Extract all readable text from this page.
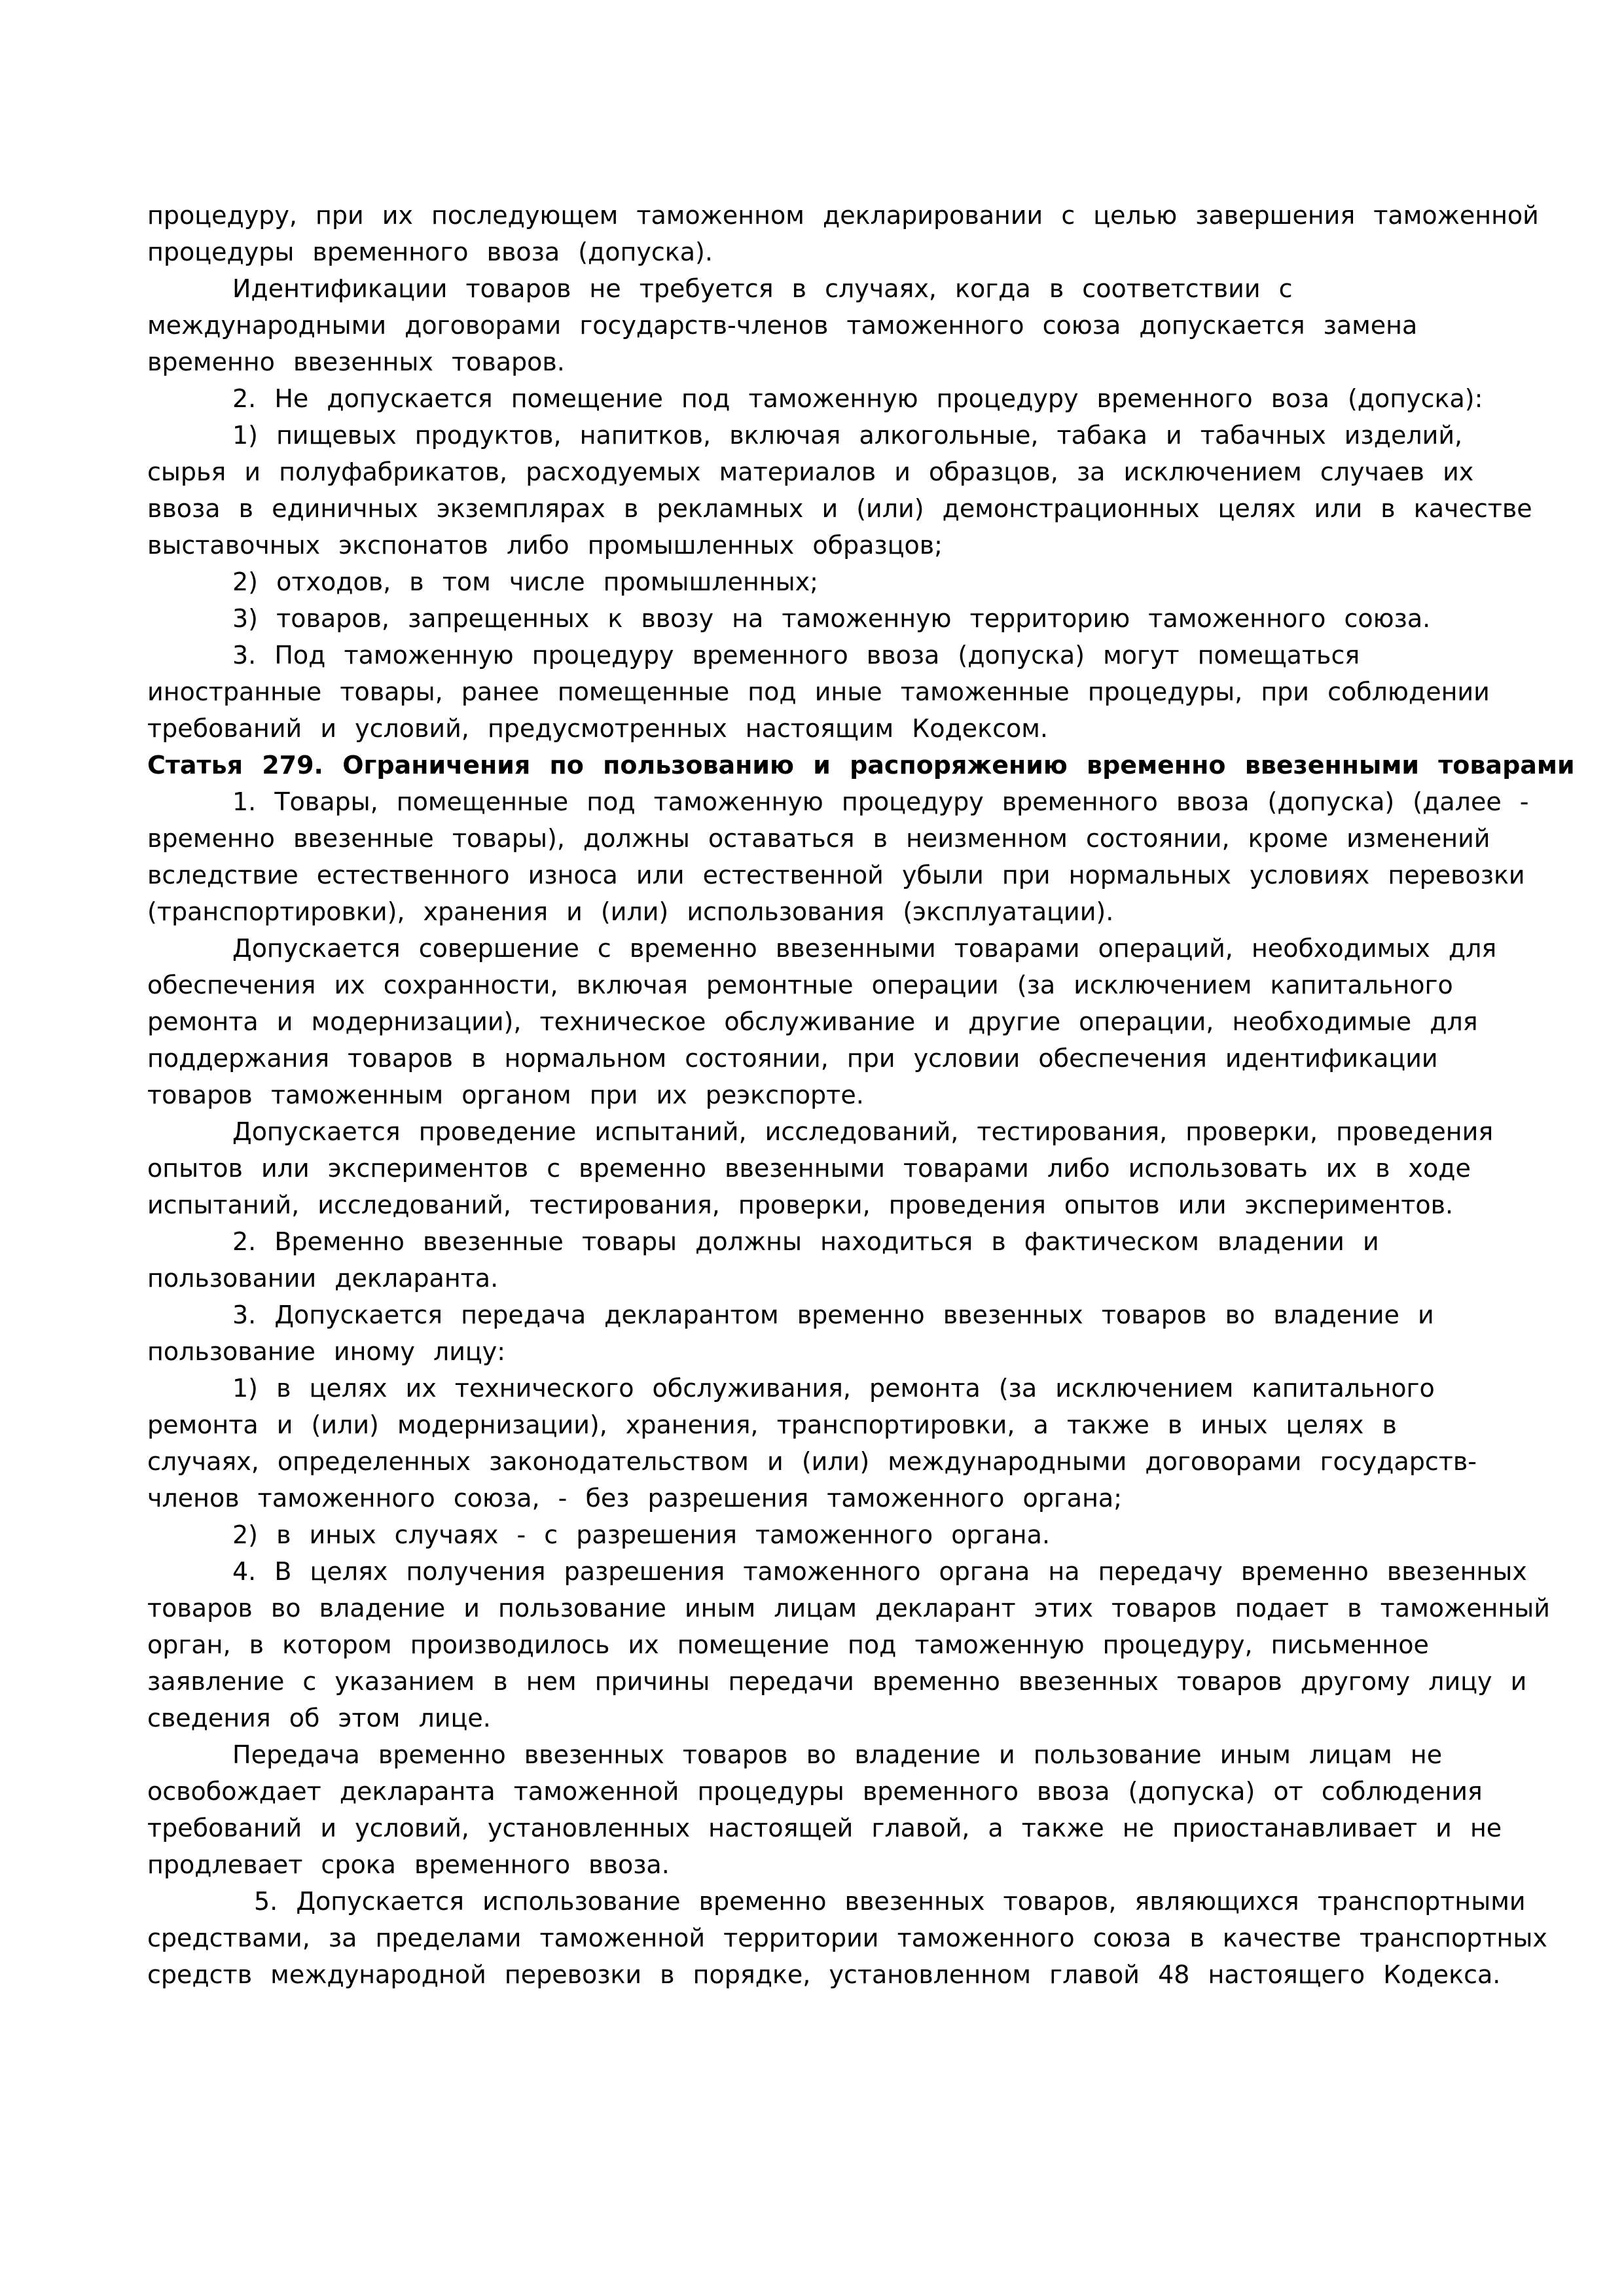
процедуру, при их последующем таможенном декларировании с целью завершения таможенной
процедуры временного ввоза (допуска).
Идентификации товаров не требуется в случаях, когда в соответствии с
международными договорами государств-членов таможенного союза допускается замена
временно ввезенных товаров.
2. Не допускается помещение под таможенную процедуру временного воза (допуска):
1) пищевых продуктов, напитков, включая алкогольные, табака и табачных изделий,
сырья и полуфабрикатов, расходуемых материалов и образцов, за исключением случаев их
ввоза в единичных экземплярах в рекламных и (или) демонстрационных целях или в качестве
выставочных экспонатов либо промышленных образцов;
2) отходов, в том числе промышленных;
3) товаров, запрещенных к ввозу на таможенную территорию таможенного союза.
3. Под таможенную процедуру временного ввоза (допуска) могут помещаться
иностранные товары, ранее помещенные под иные таможенные процедуры, при соблюдении
требований и условий, предусмотренных настоящим Кодексом.
Статья 279. Ограничения по пользованию и распоряжению временно ввезенными товарами
1. Товары, помещенные под таможенную процедуру временного ввоза (допуска) (далее -
временно ввезенные товары), должны оставаться в неизменном состоянии, кроме изменений
вследствие естественного износа или естественной убыли при нормальных условиях перевозки
(транспортировки), хранения и (или) использования (эксплуатации).
Допускается совершение с временно ввезенными товарами операций, необходимых для
обеспечения их сохранности, включая ремонтные операции (за исключением капитального
ремонта и модернизации), техническое обслуживание и другие операции, необходимые для
поддержания товаров в нормальном состоянии, при условии обеспечения идентификации
товаров таможенным органом при их реэкспорте.
Допускается проведение испытаний, исследований, тестирования, проверки, проведения
опытов или экспериментов с временно ввезенными товарами либо использовать их в ходе
испытаний, исследований, тестирования, проверки, проведения опытов или экспериментов.
2. Временно ввезенные товары должны находиться в фактическом владении и
пользовании декларанта.
3. Допускается передача декларантом временно ввезенных товаров во владение и
пользование иному лицу:
1) в целях их технического обслуживания, ремонта (за исключением капитального
ремонта и (или) модернизации), хранения, транспортировки, а также в иных целях в
случаях, определенных законодательством и (или) международными договорами государств-
членов таможенного союза, - без разрешения таможенного органа;
2) в иных случаях - с разрешения таможенного органа.
4. В целях получения разрешения таможенного органа на передачу временно ввезенных
товаров во владение и пользование иным лицам декларант этих товаров подает в таможенный
орган, в котором производилось их помещение под таможенную процедуру, письменное
заявление с указанием в нем причины передачи временно ввезенных товаров другому лицу и
сведения об этом лице.
Передача временно ввезенных товаров во владение и пользование иным лицам не
освобождает декларанта таможенной процедуры временного ввоза (допуска) от соблюдения
требований и условий, установленных настоящей главой, а также не приостанавливает и не
продлевает срока временного ввоза.
5. Допускается использование временно ввезенных товаров, являющихся транспортными
средствами, за пределами таможенной территории таможенного союза в качестве транспортных
средств международной перевозки в порядке, установленном главой 48 настоящего Кодекса.
